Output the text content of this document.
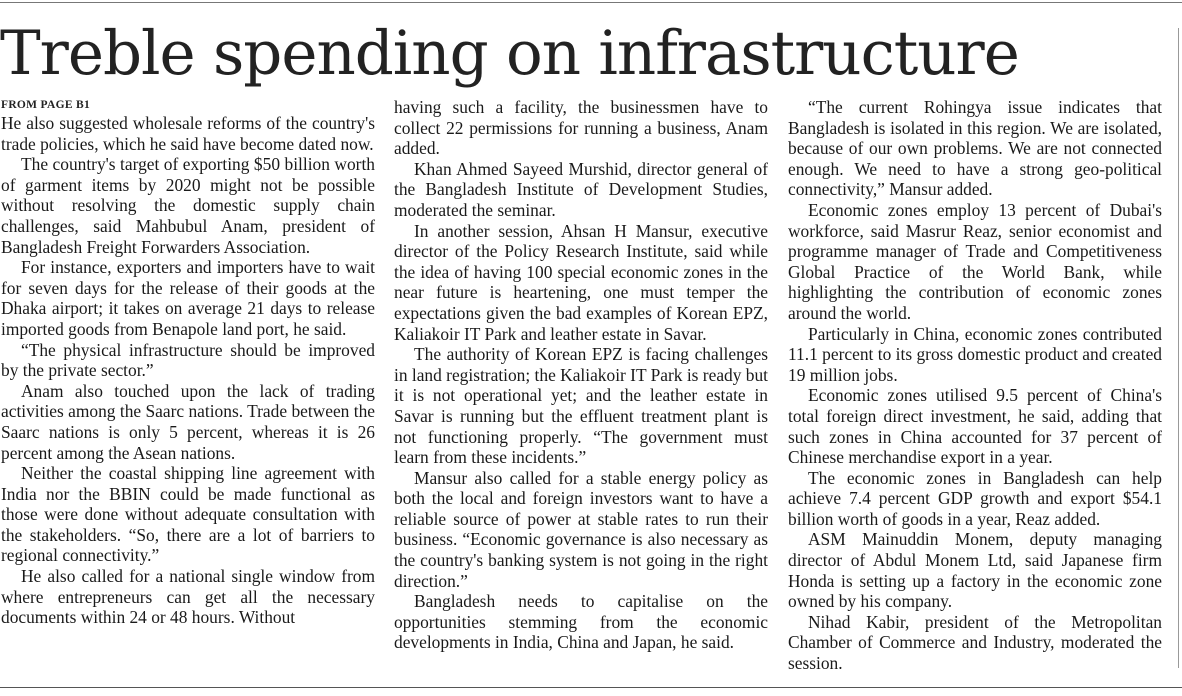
Treble spending on infrastructure
FROM PAGE B1

He also suggested wholesale reforms of the country's trade policies, which he said have become dated now.

The country's target of exporting $50 billion worth of garment items by 2020 might not be possible without resolving the domestic supply chain challenges, said Mahbubul Anam, president of Bangladesh Freight Forwarders Association.

For instance, exporters and importers have to wait for seven days for the release of their goods at the Dhaka airport; it takes on average 21 days to release imported goods from Benapole land port, he said.

“The physical infrastructure should be improved by the private sector.”

Anam also touched upon the lack of trading activities among the Saarc nations. Trade between the Saarc nations is only 5 percent, whereas it is 26 percent among the Asean nations.

Neither the coastal shipping line agreement with India nor the BBIN could be made functional as those were done without adequate consultation with the stakeholders. “So, there are a lot of barriers to regional connectivity.”

He also called for a national single window from where entrepreneurs can get all the necessary documents within 24 or 48 hours. Without

having such a facility, the businessmen have to collect 22 permissions for running a business, Anam added.

Khan Ahmed Sayeed Murshid, director general of the Bangladesh Institute of Development Studies, moderated the seminar.

In another session, Ahsan H Mansur, executive director of the Policy Research Institute, said while the idea of having 100 special economic zones in the near future is heartening, one must temper the expectations given the bad examples of Korean EPZ, Kaliakoir IT Park and leather estate in Savar.

The authority of Korean EPZ is facing challenges in land registration; the Kaliakoir IT Park is ready but it is not operational yet; and the leather estate in Savar is running but the effluent treatment plant is not functioning properly. “The government must learn from these incidents.”

Mansur also called for a stable energy policy as both the local and foreign investors want to have a reliable source of power at stable rates to run their business. “Economic governance is also necessary as the country's banking system is not going in the right direction.”

Bangladesh needs to capitalise on the opportunities stemming from the economic developments in India, China and Japan, he said.

“The current Rohingya issue indicates that Bangladesh is isolated in this region. We are isolated, because of our own problems. We are not connected enough. We need to have a strong geo-political connectivity,” Mansur added.

Economic zones employ 13 percent of Dubai's workforce, said Masrur Reaz, senior economist and programme manager of Trade and Competitiveness Global Practice of the World Bank, while highlighting the contribution of economic zones around the world.

Particularly in China, economic zones contributed 11.1 percent to its gross domestic product and created 19 million jobs.

Economic zones utilised 9.5 percent of China's total foreign direct investment, he said, adding that such zones in China accounted for 37 percent of Chinese merchandise export in a year.

The economic zones in Bangladesh can help achieve 7.4 percent GDP growth and export $54.1 billion worth of goods in a year, Reaz added.

ASM Mainuddin Monem, deputy managing director of Abdul Monem Ltd, said Japanese firm Honda is setting up a factory in the economic zone owned by his company.

Nihad Kabir, president of the Metropolitan Chamber of Commerce and Industry, moderated the session.
